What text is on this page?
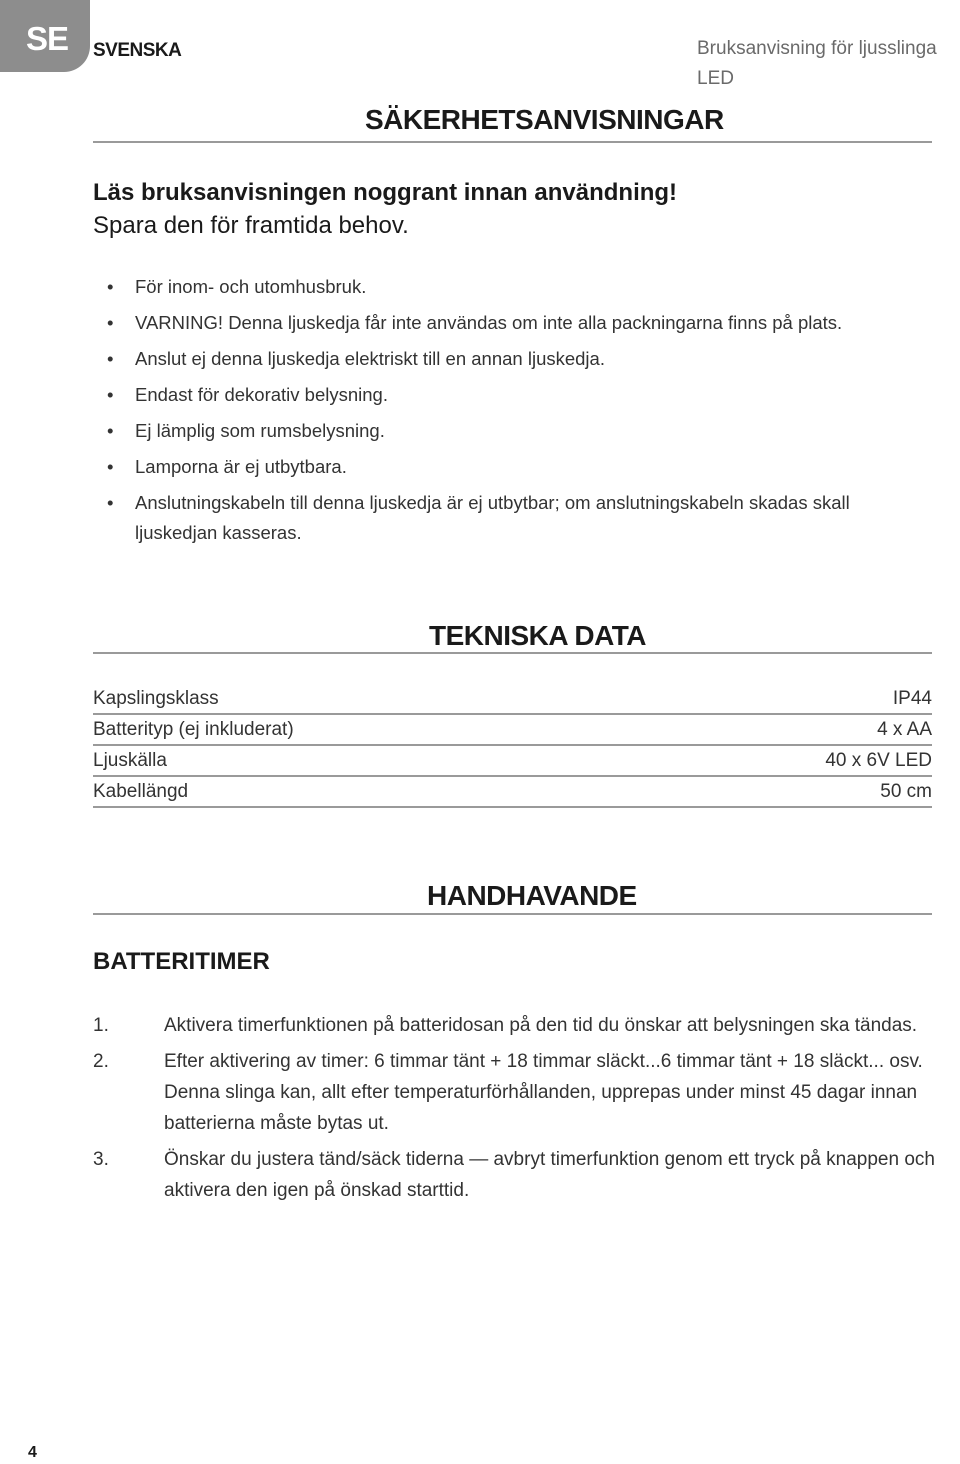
SE SVENSKA	Bruksanvisning för ljusslinga LED
SÄKERHETSANVISNINGAR
Läs bruksanvisningen noggrant innan användning!
Spara den för framtida behov.
• För inom- och utomhusbruk.
• VARNING! Denna ljuskedja får inte användas om inte alla packningarna finns på plats.
• Anslut ej denna ljuskedja elektriskt till en annan ljuskedja.
• Endast för dekorativ belysning.
• Ej lämplig som rumsbelysning.
• Lamporna är ej utbytbara.
• Anslutningskabeln till denna ljuskedja är ej utbytbar; om anslutningskabeln skadas skall ljuskedjan kasseras.
TEKNISKA DATA
Kapslingsklass	IP44
Batterityp (ej inkluderat)	4 x AA
Ljuskälla	40 x 6V LED
Kabellängd	50 cm
HANDHAVANDE
BATTERITIMER
1.	Aktivera timerfunktionen på batteridosan på den tid du önskar att belysningen ska tändas.
2.	Efter aktivering av timer: 6 timmar tänt + 18 timmar släckt...6 timmar tänt + 18 släckt... osv. Denna slinga kan, allt efter temperaturförhållanden, upprepas under minst 45 dagar innan batterierna måste bytas ut.
3.	Önskar du justera tänd/säck tiderna — avbryt timerfunktion genom ett tryck på knappen och aktivera den igen på önskad starttid.
4
